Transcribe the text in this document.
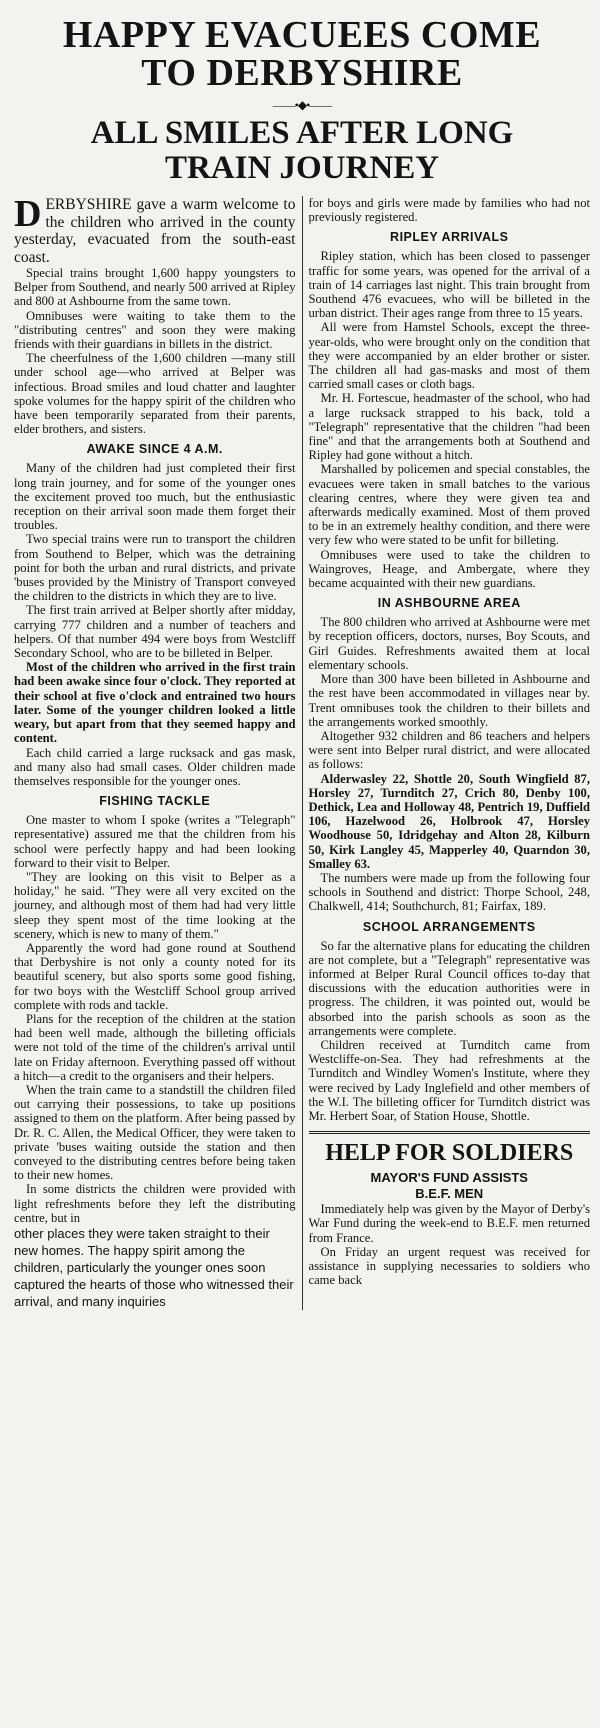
HAPPY EVACUEES COME
TO DERBYSHIRE
——•◆•——
ALL SMILES AFTER LONG
TRAIN JOURNEY

DERBYSHIRE gave a warm welcome to the children who arrived in the county yesterday, evacuated from the south-east coast.

Special trains brought 1,600 happy youngsters to Belper from Southend, and nearly 500 arrived at Ripley and 800 at Ashbourne from the same town.

Omnibuses were waiting to take them to the "distributing centres" and soon they were making friends with their guardians in billets in the district.

The cheerfulness of the 1,600 children —many still under school age—who arrived at Belper was infectious. Broad smiles and loud chatter and laughter spoke volumes for the happy spirit of the children who have been temporarily separated from their parents, elder brothers, and sisters.

AWAKE SINCE 4 A.M.

Many of the children had just completed their first long train journey, and for some of the younger ones the excitement proved too much, but the enthusiastic reception on their arrival soon made them forget their troubles.

Two special trains were run to transport the children from Southend to Belper, which was the detraining point for both the urban and rural districts, and private 'buses provided by the Ministry of Transport conveyed the children to the districts in which they are to live.

The first train arrived at Belper shortly after midday, carrying 777 children and a number of teachers and helpers. Of that number 494 were boys from Westcliff Secondary School, who are to be billeted in Belper.

Most of the children who arrived in the first train had been awake since four o'clock. They reported at their school at five o'clock and entrained two hours later. Some of the younger children looked a little weary, but apart from that they seemed happy and content.

Each child carried a large rucksack and gas mask, and many also had small cases. Older children made themselves responsible for the younger ones.

FISHING TACKLE

One master to whom I spoke (writes a "Telegraph" representative) assured me that the children from his school were perfectly happy and had been looking forward to their visit to Belper.

"They are looking on this visit to Belper as a holiday," he said. "They were all very excited on the journey, and although most of them had had very little sleep they spent most of the time looking at the scenery, which is new to many of them."

Apparently the word had gone round at Southend that Derbyshire is not only a county noted for its beautiful scenery, but also sports some good fishing, for two boys with the Westcliff School group arrived complete with rods and tackle.

Plans for the reception of the children at the station had been well made, although the billeting officials were not told of the time of the children's arrival until late on Friday afternoon. Everything passed off without a hitch—a credit to the organisers and their helpers.

When the train came to a standstill the children filed out carrying their possessions, to take up positions assigned to them on the platform. After being passed by Dr. R. C. Allen, the Medical Officer, they were taken to private 'buses waiting outside the station and then conveyed to the distributing centres before being taken to their new homes.

In some districts the children were provided with light refreshments before they left the distributing centre, but in

other places they were taken straight to their new homes. The happy spirit among the children, particularly the younger ones soon captured the hearts of those who witnessed their arrival, and many inquiries

for boys and girls were made by families who had not previously registered.

RIPLEY ARRIVALS

Ripley station, which has been closed to passenger traffic for some years, was opened for the arrival of a train of 14 carriages last night. This train brought from Southend 476 evacuees, who will be billeted in the urban district. Their ages range from three to 15 years.

All were from Hamstel Schools, except the three-year-olds, who were brought only on the condition that they were accompanied by an elder brother or sister. The children all had gas-masks and most of them carried small cases or cloth bags.

Mr. H. Fortescue, headmaster of the school, who had a large rucksack strapped to his back, told a "Telegraph" representative that the children "had been fine" and that the arrangements both at Southend and Ripley had gone without a hitch.

Marshalled by policemen and special constables, the evacuees were taken in small batches to the various clearing centres, where they were given tea and afterwards medically examined. Most of them proved to be in an extremely healthy condition, and there were very few who were stated to be unfit for billeting.

Omnibuses were used to take the children to Waingroves, Heage, and Ambergate, where they became acquainted with their new guardians.

IN ASHBOURNE AREA

The 800 children who arrived at Ashbourne were met by reception officers, doctors, nurses, Boy Scouts, and Girl Guides. Refreshments awaited them at local elementary schools.

More than 300 have been billeted in Ashbourne and the rest have been accommodated in villages near by. Trent omnibuses took the children to their billets and the arrangements worked smoothly.

Altogether 932 children and 86 teachers and helpers were sent into Belper rural district, and were allocated as follows:

Alderwasley 22, Shottle 20, South Wingfield 87, Horsley 27, Turnditch 27, Crich 80, Denby 100, Dethick, Lea and Holloway 48, Pentrich 19, Duffield 106, Hazelwood 26, Holbrook 47, Horsley Woodhouse 50, Idridgehay and Alton 28, Kilburn 50, Kirk Langley 45, Mapperley 40, Quarndon 30, Smalley 63.

The numbers were made up from the following four schools in Southend and district: Thorpe School, 248, Chalkwell, 414; Southchurch, 81; Fairfax, 189.

SCHOOL ARRANGEMENTS

So far the alternative plans for educating the children are not complete, but a "Telegraph" representative was informed at Belper Rural Council offices to-day that discussions with the education authorities were in progress. The children, it was pointed out, would be absorbed into the parish schools as soon as the arrangements were complete.

Children received at Turnditch came from Westcliffe-on-Sea. They had refreshments at the Turnditch and Windley Women's Institute, where they were recived by Lady Inglefield and other members of the W.I. The billeting officer for Turnditch district was Mr. Herbert Soar, of Station House, Shottle.

HELP FOR SOLDIERS
MAYOR'S FUND ASSISTS
B.E.F. MEN

Immediately help was given by the Mayor of Derby's War Fund during the week-end to B.E.F. men returned from France.

On Friday an urgent request was received for assistance in supplying necessaries to soldiers who came back
